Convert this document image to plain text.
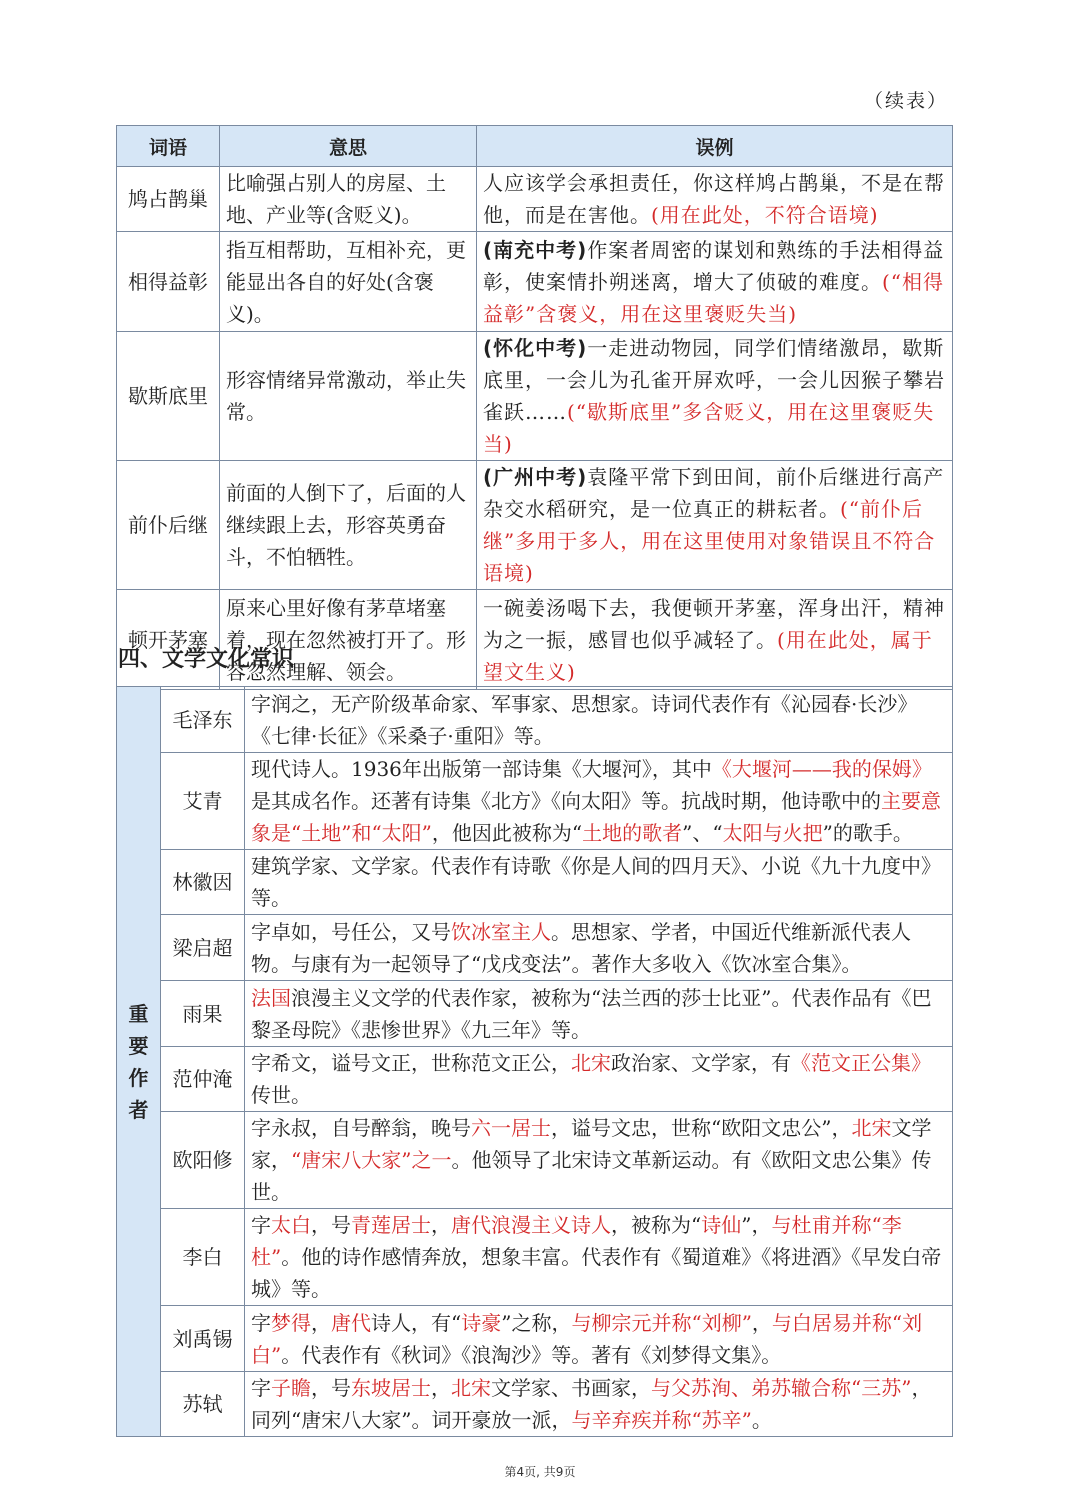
（续表）
词语	意思	误例
鸠占鹊巢	比喻强占别人的房屋、土地、产业等(含贬义)。	人应该学会承担责任，你这样鸠占鹊巢，不是在帮他，而是在害他。(用在此处，不符合语境)
相得益彰	指互相帮助，互相补充，更能显出各自的好处(含褒义)。	(南充中考)作案者周密的谋划和熟练的手法相得益彰，使案情扑朔迷离，增大了侦破的难度。(“相得益彰”含褒义，用在这里褒贬失当)
歇斯底里	形容情绪异常激动，举止失常。	(怀化中考)一走进动物园，同学们情绪激昂，歇斯底里，一会儿为孔雀开屏欢呼，一会儿因猴子攀岩雀跃……(“歇斯底里”多含贬义，用在这里褒贬失当)
前仆后继	前面的人倒下了，后面的人继续跟上去，形容英勇奋斗，不怕牺牲。	(广州中考)袁隆平常下到田间，前仆后继进行高产杂交水稻研究，是一位真正的耕耘者。(“前仆后继”多用于多人，用在这里使用对象错误且不符合语境)
顿开茅塞	原来心里好像有茅草堵塞着，现在忽然被打开了。形容忽然理解、领会。	一碗姜汤喝下去，我便顿开茅塞，浑身出汗，精神为之一振，感冒也似乎减轻了。(用在此处，属于望文生义)
四、文学文化常识
重
要
作
者	毛泽东	字润之，无产阶级革命家、军事家、思想家。诗词代表作有《沁园春·长沙》《七律·长征》《采桑子·重阳》等。
	艾青	现代诗人。1936年出版第一部诗集《大堰河》，其中《大堰河——我的保姆》是其成名作。还著有诗集《北方》《向太阳》等。抗战时期，他诗歌中的主要意象是“土地”和“太阳”，他因此被称为“土地的歌者”、“太阳与火把”的歌手。
	林徽因	建筑学家、文学家。代表作有诗歌《你是人间的四月天》、小说《九十九度中》等。
	梁启超	字卓如，号任公，又号饮冰室主人。思想家、学者，中国近代维新派代表人物。与康有为一起领导了“戊戌变法”。著作大多收入《饮冰室合集》。
	雨果	法国浪漫主义文学的代表作家，被称为“法兰西的莎士比亚”。代表作品有《巴黎圣母院》《悲惨世界》《九三年》等。
	范仲淹	字希文，谥号文正，世称范文正公，北宋政治家、文学家，有《范文正公集》传世。
	欧阳修	字永叔，自号醉翁，晚号六一居士，谥号文忠，世称“欧阳文忠公”，北宋文学家，“唐宋八大家”之一。他领导了北宋诗文革新运动。有《欧阳文忠公集》传世。
	李白	字太白，号青莲居士，唐代浪漫主义诗人，被称为“诗仙”，与杜甫并称“李杜”。他的诗作感情奔放，想象丰富。代表作有《蜀道难》《将进酒》《早发白帝城》等。
	刘禹锡	字梦得，唐代诗人，有“诗豪”之称，与柳宗元并称“刘柳”，与白居易并称“刘白”。代表作有《秋词》《浪淘沙》等。著有《刘梦得文集》。
	苏轼	字子瞻，号东坡居士，北宋文学家、书画家，与父苏洵、弟苏辙合称“三苏”，同列“唐宋八大家”。词开豪放一派，与辛弃疾并称“苏辛”。
第4页, 共9页
